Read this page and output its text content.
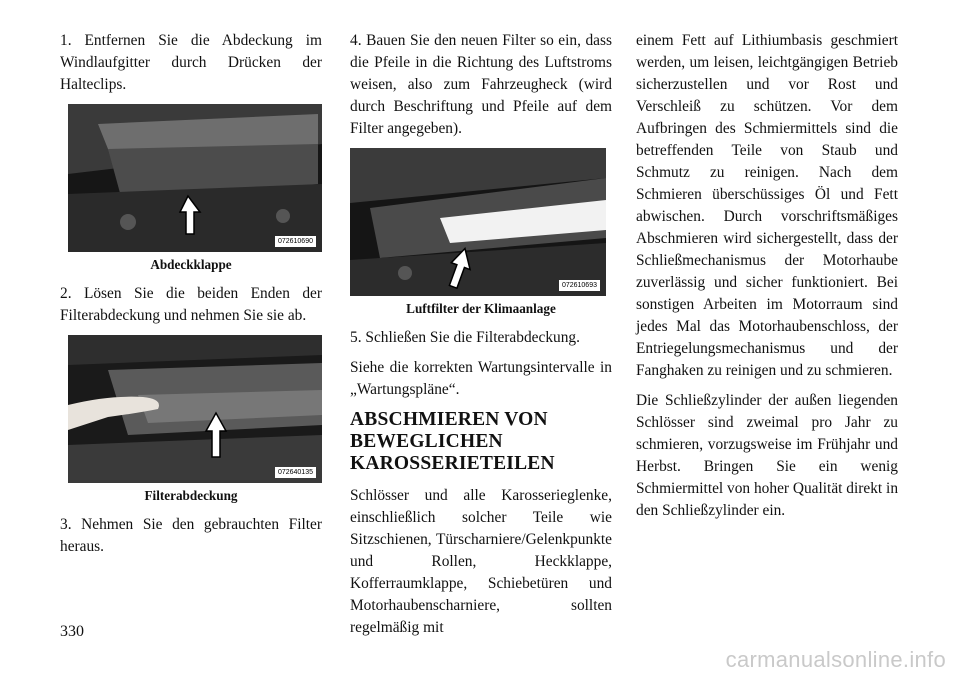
1. Entfernen Sie die Abdeckung im Windlaufgitter durch Drücken der Halteclips.

072610690
Abdeckklappe

2. Lösen Sie die beiden Enden der Filterabdeckung und nehmen Sie sie ab.

072640135
Filterabdeckung

3. Nehmen Sie den gebrauchten Filter heraus.

4. Bauen Sie den neuen Filter so ein, dass die Pfeile in die Richtung des Luftstroms weisen, also zum Fahrzeugheck (wird durch Beschriftung und Pfeile auf dem Filter angegeben).

072610693
Luftfilter der Klimaanlage

5. Schließen Sie die Filterabdeckung.

Siehe die korrekten Wartungsintervalle in „Wartungspläne“.

ABSCHMIEREN VON BEWEGLICHEN KAROSSERIETEILEN

Schlösser und alle Karosserieglenke, einschließlich solcher Teile wie Sitzschienen, Türscharniere/Gelenkpunkte und Rollen, Heckklappe, Kofferraumklappe, Schiebetüren und Motorhaubenscharniere, sollten regelmäßig mit

einem Fett auf Lithiumbasis geschmiert werden, um leisen, leichtgängigen Betrieb sicherzustellen und vor Rost und Verschleiß zu schützen. Vor dem Aufbringen des Schmiermittels sind die betreffenden Teile von Staub und Schmutz zu reinigen. Nach dem Schmieren überschüssiges Öl und Fett abwischen. Durch vorschriftsmäßiges Abschmieren wird sichergestellt, dass der Schließmechanismus der Motorhaube zuverlässig und sicher funktioniert. Bei sonstigen Arbeiten im Motorraum sind jedes Mal das Motorhaubenschloss, der Entriegelungsmechanismus und der Fanghaken zu reinigen und zu schmieren.

Die Schließzylinder der außen liegenden Schlösser sind zweimal pro Jahr zu schmieren, vorzugsweise im Frühjahr und Herbst. Bringen Sie ein wenig Schmiermittel von hoher Qualität direkt in den Schließzylinder ein.

330
carmanualsonline.info
